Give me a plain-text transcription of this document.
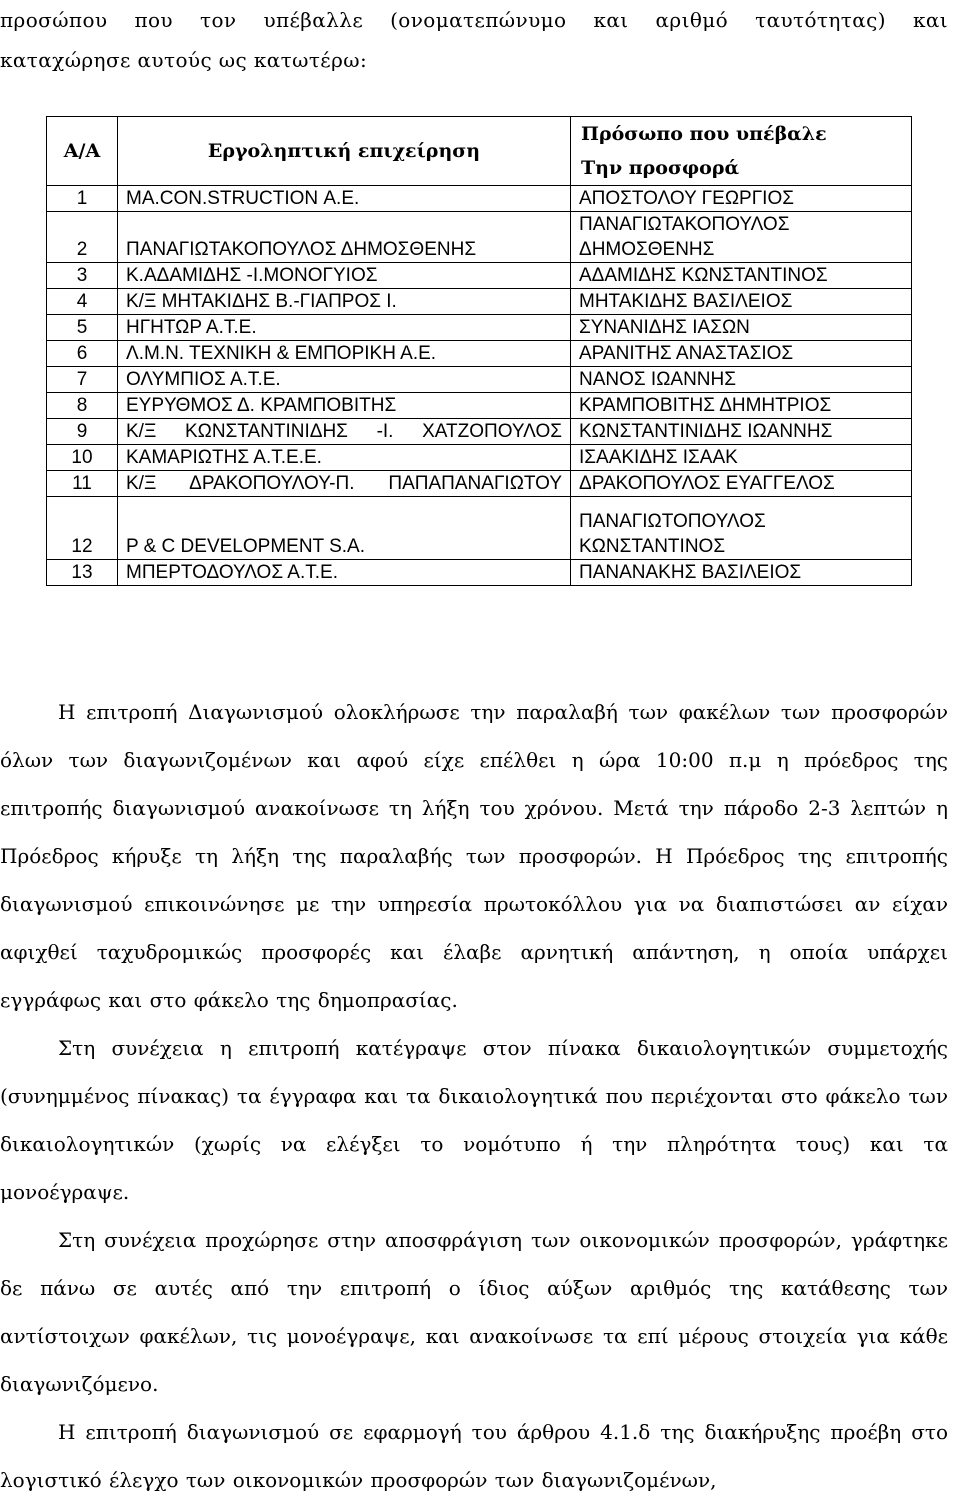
προσώπου που τον υπέβαλλε (ονοματεπώνυμο και αριθμό ταυτότητας) και
καταχώρησε αυτούς ως κατωτέρω:
Α/Α	Εργοληπτική επιχείρηση	Πρόσωπο που υπέβαλε
Την προσφορά

1	ΜΑ.CON.STRUCTION Α.Ε.	ΑΠΟΣΤΟΛΟΥ ΓΕΩΡΓΙΟΣ
2	ΠΑΝΑΓΙΩΤΑΚΟΠΟΥΛΟΣ ΔΗΜΟΣΘΕΝΗΣ	ΠΑΝΑΓΙΩΤΑΚΟΠΟΥΛΟΣ ΔΗΜΟΣΘΕΝΗΣ
3	Κ.ΑΔΑΜΙΔΗΣ -Ι.ΜΟΝΟΓΥΙΟΣ	ΑΔΑΜΙΔΗΣ ΚΩΝΣΤΑΝΤΙΝΟΣ
4	Κ/Ξ ΜΗΤΑΚΙΔΗΣ Β.-ΓΙΑΠΡΟΣ Ι.	ΜΗΤΑΚΙΔΗΣ ΒΑΣΙΛΕΙΟΣ
5	ΗΓΗΤΩΡ Α.Τ.Ε.	ΣΥΝΑΝΙΔΗΣ ΙΑΣΩΝ
6	Λ.Μ.Ν. ΤΕΧΝΙΚΗ & ΕΜΠΟΡΙΚΗ Α.Ε.	ΑΡΑΝΙΤΗΣ ΑΝΑΣΤΑΣΙΟΣ
7	ΟΛΥΜΠΙΟΣ Α.Τ.Ε.	ΝΑΝΟΣ ΙΩΑΝΝΗΣ
8	ΕΥΡΥΘΜΟΣ Δ. ΚΡΑΜΠΟΒΙΤΗΣ	ΚΡΑΜΠΟΒΙΤΗΣ ΔΗΜΗΤΡΙΟΣ
9	Κ/Ξ ΚΩΝΣΤΑΝΤΙΝΙΔΗΣ -Ι. ΧΑΤΖΟΠΟΥΛΟΣ	ΚΩΝΣΤΑΝΤΙΝΙΔΗΣ ΙΩΑΝΝΗΣ
10	ΚΑΜΑΡΙΩΤΗΣ Α.Τ.Ε.Ε.	ΙΣΑΑΚΙΔΗΣ ΙΣΑΑΚ
11	Κ/Ξ ΔΡΑΚΟΠΟΥΛΟΥ-Π. ΠΑΠΑΠΑΝΑΓΙΩΤΟΥ	ΔΡΑΚΟΠΟΥΛΟΣ ΕΥΑΓΓΕΛΟΣ
12	P & C DEVELOPMENT S.A.	ΠΑΝΑΓΙΩΤΟΠΟΥΛΟΣ ΚΩΝΣΤΑΝΤΙΝΟΣ
13	ΜΠΕΡΤΟΔΟΥΛΟΣ Α.Τ.Ε.	ΠΑΝΑΝΑΚΗΣ ΒΑΣΙΛΕΙΟΣ

Η επιτροπή Διαγωνισμού ολοκλήρωσε την παραλαβή των φακέλων των προσφορών όλων των διαγωνιζομένων και αφού είχε επέλθει η ώρα 10:00 π.μ η πρόεδρος της επιτροπής διαγωνισμού ανακοίνωσε τη λήξη του χρόνου. Μετά την πάροδο 2-3 λεπτών η Πρόεδρος κήρυξε τη λήξη της παραλαβής των προσφορών. Η Πρόεδρος της επιτροπής διαγωνισμού επικοινώνησε με την υπηρεσία πρωτοκόλλου για να διαπιστώσει αν είχαν αφιχθεί ταχυδρομικώς προσφορές και έλαβε αρνητική απάντηση, η οποία υπάρχει εγγράφως και στο φάκελο της δημοπρασίας.

Στη συνέχεια η επιτροπή κατέγραψε στον πίνακα δικαιολογητικών συμμετοχής (συνημμένος πίνακας) τα έγγραφα και τα δικαιολογητικά που περιέχονται στο φάκελο των δικαιολογητικών (χωρίς να ελέγξει το νομότυπο ή την πληρότητα τους) και τα μονοέγραψε.

Στη συνέχεια προχώρησε στην αποσφράγιση των οικονομικών προσφορών, γράφτηκε δε πάνω σε αυτές από την επιτροπή ο ίδιος αύξων αριθμός της κατάθεσης των αντίστοιχων φακέλων, τις μονοέγραψε, και ανακοίνωσε τα επί μέρους στοιχεία για κάθε διαγωνιζόμενο.

Η επιτροπή διαγωνισμού σε εφαρμογή του άρθρου 4.1.δ της διακήρυξης προέβη στο λογιστικό έλεγχο των οικονομικών προσφορών των διαγωνιζομένων,
